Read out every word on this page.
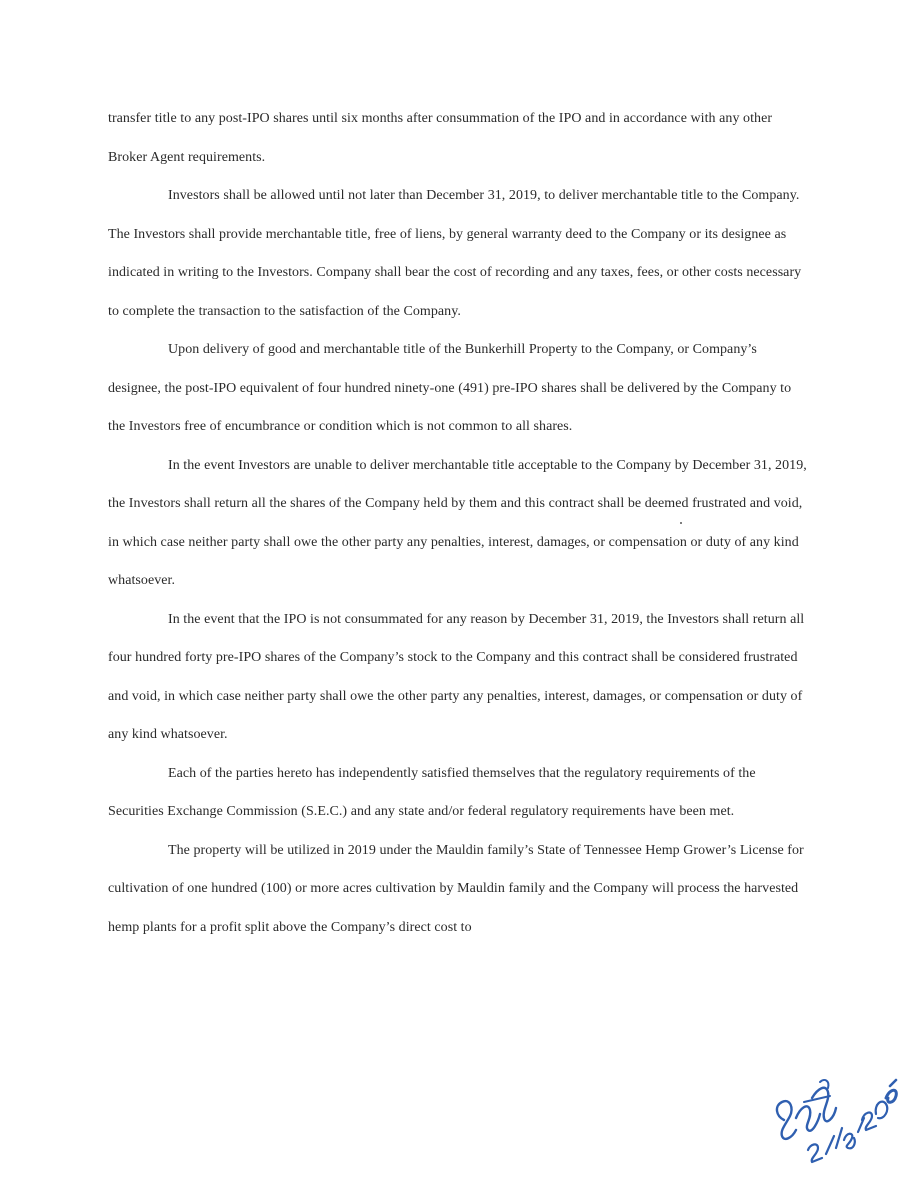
transfer title to any post-IPO shares until six months after consummation of the IPO and in accordance with any other Broker Agent requirements.

Investors shall be allowed until not later than December 31, 2019, to deliver merchantable title to the Company. The Investors shall provide merchantable title, free of liens, by general warranty deed to the Company or its designee as indicated in writing to the Investors. Company shall bear the cost of recording and any taxes, fees, or other costs necessary to complete the transaction to the satisfaction of the Company.

Upon delivery of good and merchantable title of the Bunkerhill Property to the Company, or Company’s designee, the post-IPO equivalent of four hundred ninety-one (491) pre-IPO shares shall be delivered by the Company to the Investors free of encumbrance or condition which is not common to all shares.

In the event Investors are unable to deliver merchantable title acceptable to the Company by December 31, 2019, the Investors shall return all the shares of the Company held by them and this contract shall be deemed frustrated and void, in which case neither party shall owe the other party any penalties, interest, damages, or compensation or duty of any kind whatsoever.

In the event that the IPO is not consummated for any reason by December 31, 2019, the Investors shall return all four hundred forty pre-IPO shares of the Company’s stock to the Company and this contract shall be considered frustrated and void, in which case neither party shall owe the other party any penalties, interest, damages, or compensation or duty of any kind whatsoever.

Each of the parties hereto has independently satisfied themselves that the regulatory requirements of the Securities Exchange Commission (S.E.C.) and any state and/or federal regulatory requirements have been met.

The property will be utilized in 2019 under the Mauldin family’s State of Tennessee Hemp Grower’s License for cultivation of one hundred (100) or more acres cultivation by Mauldin family and the Company will process the harvested hemp plants for a profit split above the Company’s direct cost to
